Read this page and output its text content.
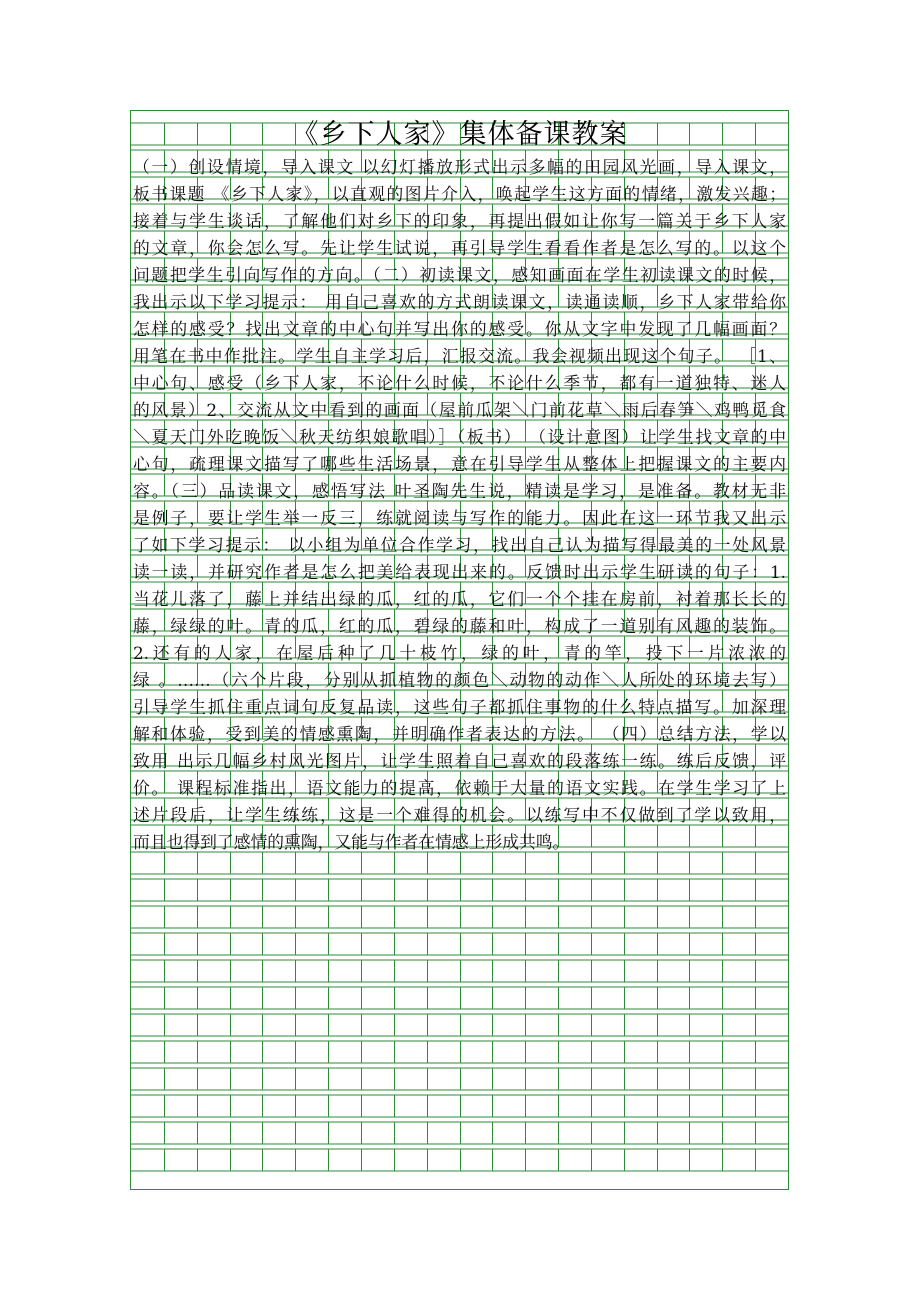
《乡下人家》集体备课教案
（一）创设情境，导入课文 以幻灯播放形式出示多幅的田园风光画，导入课文，
板书课题 《乡下人家》，以直观的图片介入，唤起学生这方面的情绪，激发兴趣；
接着与学生谈话，了解他们对乡下的印象，再提出假如让你写一篇关于乡下人家
的文章，你会怎么写。先让学生试说，再引导学生看看作者是怎么写的。以这个
问题把学生引向写作的方向。（二）初读课文，感知画面在学生初读课文的时候，
我出示以下学习提示： 用自己喜欢的方式朗读课文，读通读顺，乡下人家带给你
怎样的感受？找出文章的中心句并写出你的感受。你从文字中发现了几幅画面？
用笔在书中作批注。学生自主学习后，汇报交流。我会视频出现这个句子。 ［1、
中心句、感受（乡下人家，不论什么时候，不论什么季节，都有一道独特、迷人
的风景）2、交流从文中看到的画面（屋前瓜架＼门前花草＼雨后春笋＼鸡鸭觅食
＼夏天门外吃晚饭＼秋天纺织娘歌唱）］（板书） （设计意图）让学生找文章的中
心句，疏理课文描写了哪些生活场景，意在引导学生从整体上把握课文的主要内
容。（三）品读课文，感悟写法 叶圣陶先生说，精读是学习，是准备。教材无非
是例子，要让学生举一反三，练就阅读与写作的能力。因此在这一环节我又出示
了如下学习提示： 以小组为单位合作学习，找出自己认为描写得最美的一处风景
读一读，并研究作者是怎么把美给表现出来的。反馈时出示学生研读的句子：1.
当花儿落了，藤上并结出绿的瓜，红的瓜，它们一个个挂在房前，衬着那长长的
藤，绿绿的叶。青的瓜，红的瓜，碧绿的藤和叶，构成了一道别有风趣的装饰。
2.还有的人家，在屋后种了几十枝竹，绿的叶，青的竿，投下一片浓浓的
绿 。……（六个片段，分别从抓植物的颜色＼动物的动作＼人所处的环境去写）
引导学生抓住重点词句反复品读，这些句子都抓住事物的什么特点描写。加深理
解和体验，受到美的情感熏陶，并明确作者表达的方法。 （四）总结方法，学以
致用 出示几幅乡村风光图片，让学生照着自己喜欢的段落练一练。练后反馈，评
价。 课程标准指出，语文能力的提高，依赖于大量的语文实践。在学生学习了上
述片段后，让学生练练，这是一个难得的机会。以练写中不仅做到了学以致用，
而且也得到了感情的熏陶，又能与作者在情感上形成共鸣。
